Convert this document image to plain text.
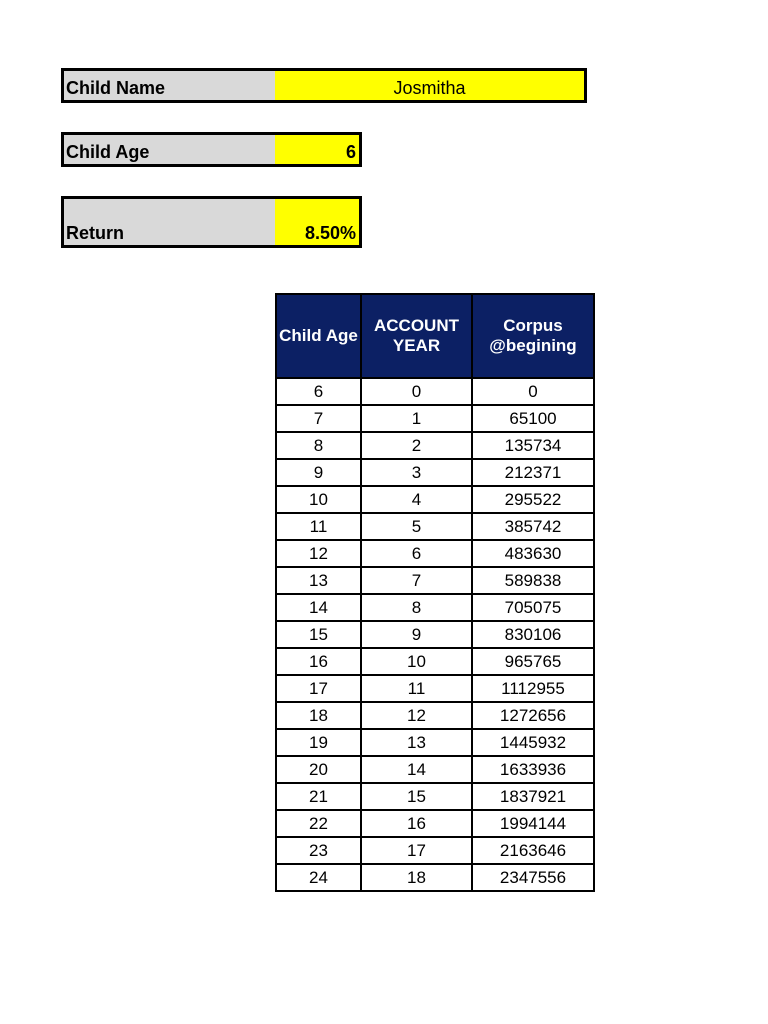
Child Name	Josmitha
Child Age	6
Return	8.50%
Child Age	ACCOUNT YEAR	Corpus @begining
6	0	0
7	1	65100
8	2	135734
9	3	212371
10	4	295522
11	5	385742
12	6	483630
13	7	589838
14	8	705075
15	9	830106
16	10	965765
17	11	1112955
18	12	1272656
19	13	1445932
20	14	1633936
21	15	1837921
22	16	1994144
23	17	2163646
24	18	2347556
